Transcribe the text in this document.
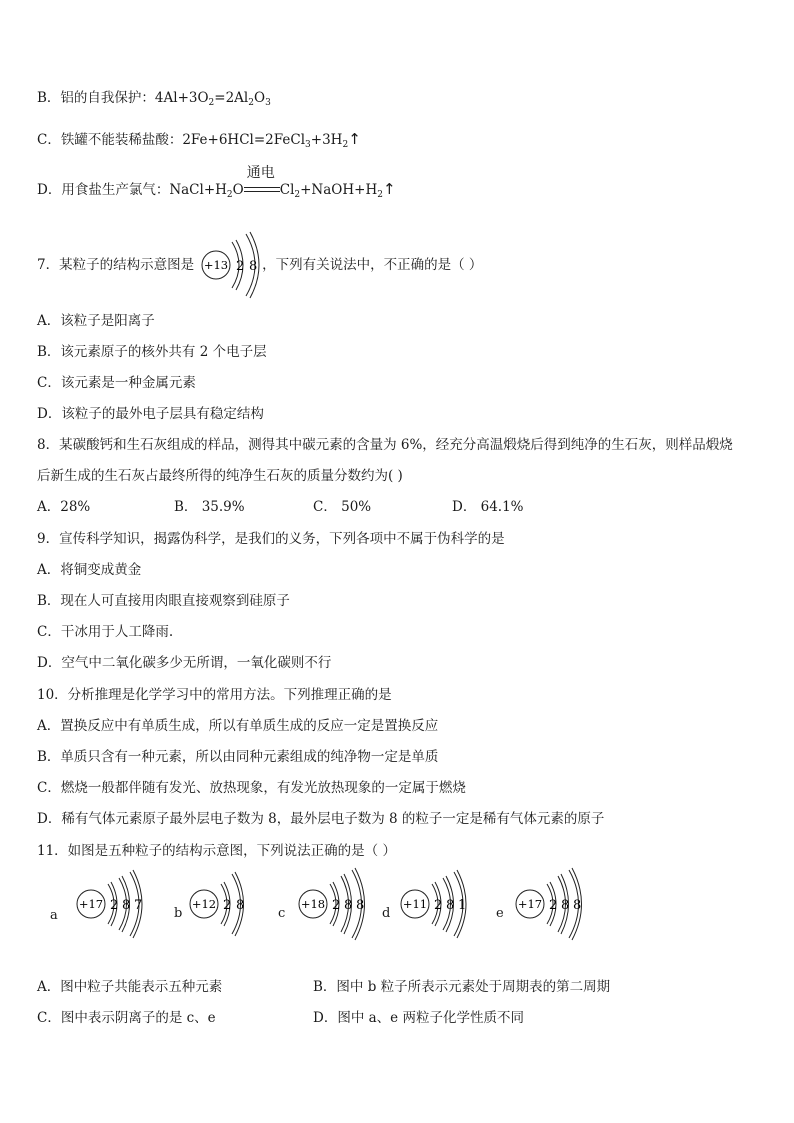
B．铝的自我保护：$4Al+3O_2=2Al_2O_3$
C．铁罐不能装稀盐酸：$2Fe+6HCl=2FeCl_3+3H_2↑$
D．用食盐生产氯气：$NaCl+H_2O$
通电
$Cl_2+NaOH+H_2↑$
7．某粒子的结构示意图是	，下列有关说法中，不正确的是（ ）
+13 2 8
A．该粒子是阳离子
B．该元素原子的核外共有 2 个电子层
C．该元素是一种金属元素
D．该粒子的最外电子层具有稳定结构
8．某碳酸钙和生石灰组成的样品，测得其中碳元素的含量为 6%，经充分高温煅烧后得到纯净的生石灰，则样品煅烧
后新生成的生石灰占最终所得的纯净生石灰的质量分数约为( )
A．28%	B． 35.9%	C． 50%	D． 64.1%
9．宣传科学知识，揭露伪科学，是我们的义务，下列各项中不属于伪科学的是
A．将铜变成黄金
B．现在人可直接用肉眼直接观察到硅原子
C．干冰用于人工降雨.
D．空气中二氧化碳多少无所谓，一氧化碳则不行
10．分析推理是化学学习中的常用方法。下列推理正确的是
A．置换反应中有单质生成，所以有单质生成的反应一定是置换反应
B．单质只含有一种元素，所以由同种元素组成的纯净物一定是单质
C．燃烧一般都伴随有发光、放热现象，有发光放热现象的一定属于燃烧
D．稀有气体元素原子最外层电子数为 8，最外层电子数为 8 的粒子一定是稀有气体元素的原子
11．如图是五种粒子的结构示意图，下列说法正确的是（ ）
a
+17 2 8 7
b
+12 2 8
c
+18 2 8 8
d
+11 2 8 1
e
+17 2 8 8
A．图中粒子共能表示五种元素	B．图中 b 粒子所表示元素处于周期表的第二周期
C．图中表示阴离子的是 c、e	D．图中 a、e 两粒子化学性质不同
